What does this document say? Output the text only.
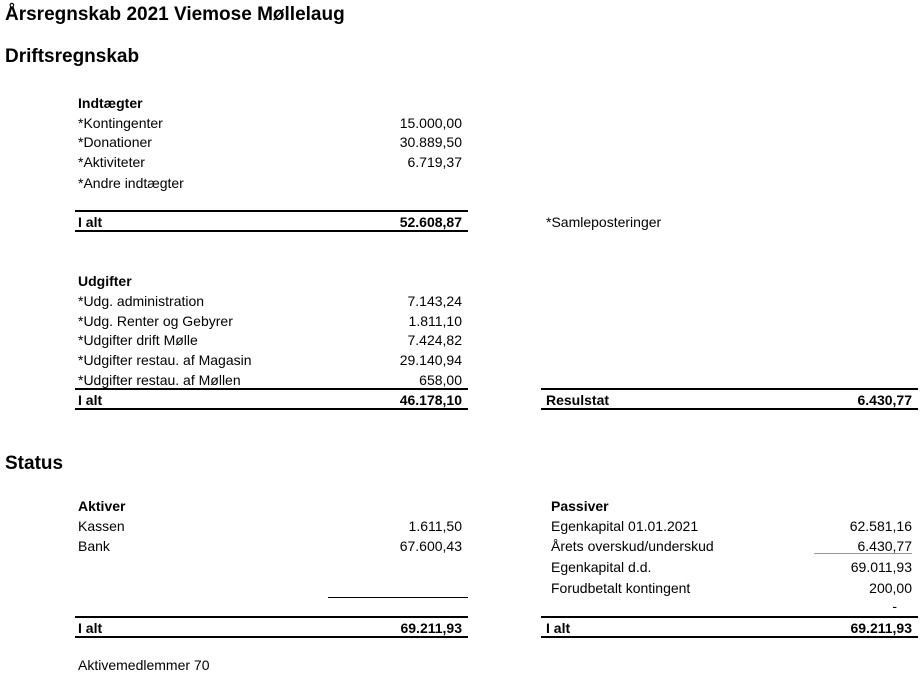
Årsregnskab 2021 Viemose Møllelaug
Driftsregnskab
Indtægter
*Kontingenter	15.000,00
*Donationer	30.889,50
*Aktiviteter	6.719,37
*Andre indtægter
I alt	52.608,87	*Samleposteringer
Udgifter
*Udg. administration	7.143,24
*Udg. Renter og Gebyrer	1.811,10
*Udgifter drift Mølle	7.424,82
*Udgifter restau. af Magasin	29.140,94
*Udgifter restau. af Møllen	658,00
I alt	46.178,10	Resulstat	6.430,77
Status
Aktiver
Kassen	1.611,50
Bank	67.600,43
I alt	69.211,93
Passiver
Egenkapital 01.01.2021	62.581,16
Årets overskud/underskud	6.430,77
Egenkapital d.d.	69.011,93
Forudbetalt kontingent	200,00
-
I alt	69.211,93
Aktivemedlemmer 70
